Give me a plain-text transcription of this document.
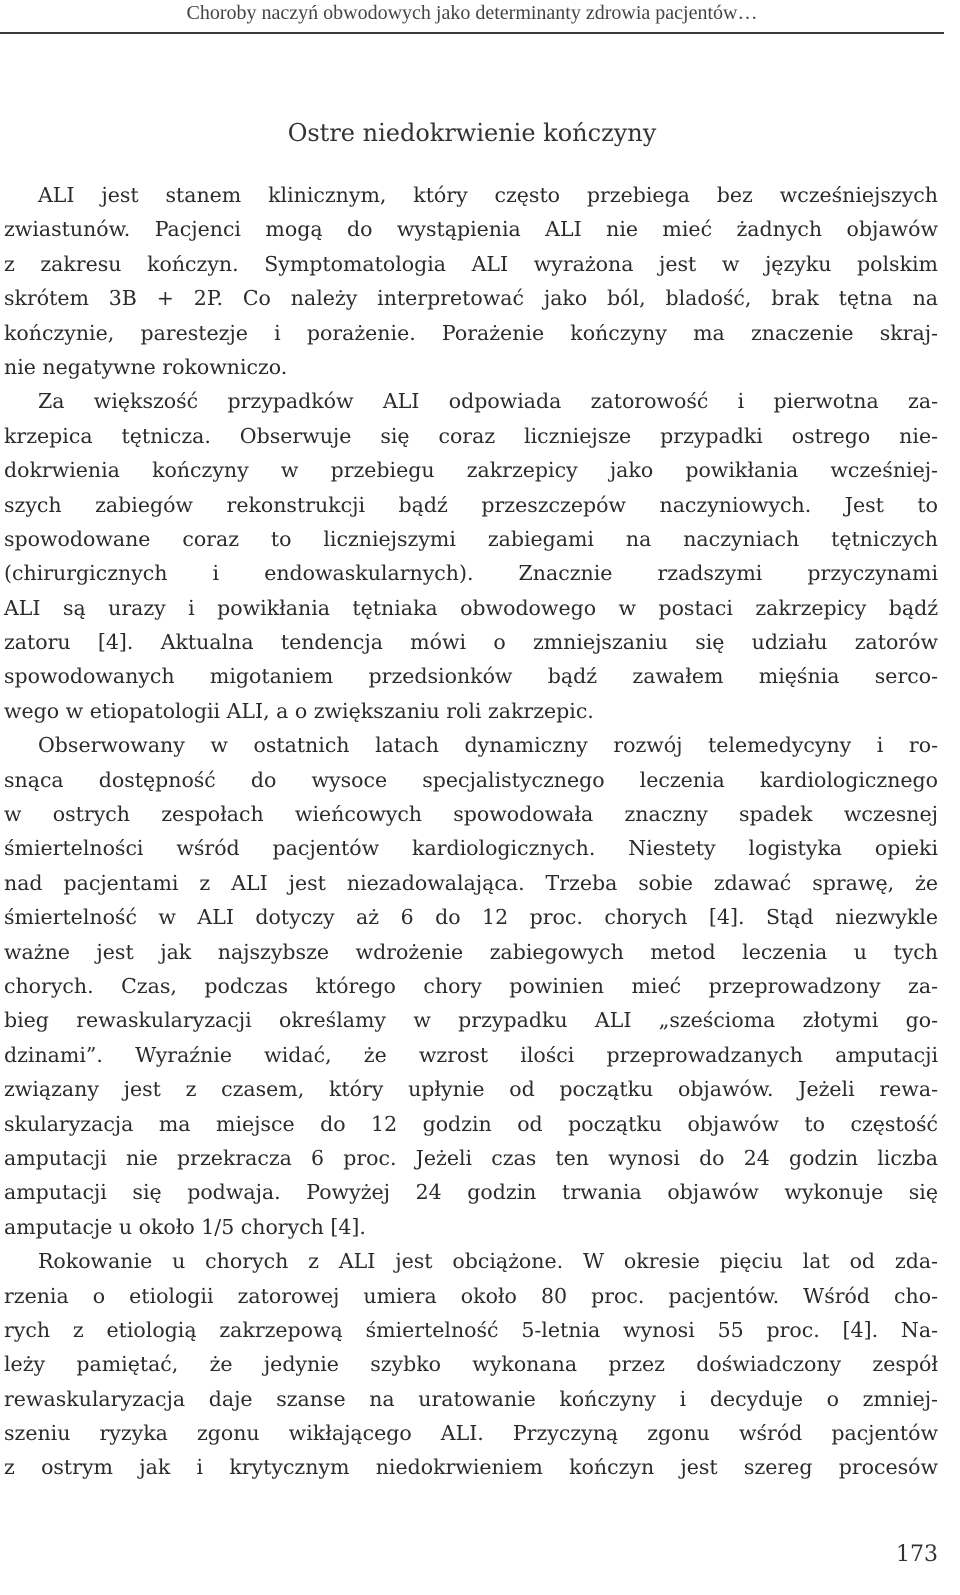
Choroby naczyń obwodowych jako determinanty zdrowia pacjentów…
Ostre niedokrwienie kończyny
ALI jest stanem klinicznym, który często przebiega bez wcześniejszych
zwiastunów. Pacjenci mogą do wystąpienia ALI nie mieć żadnych objawów
z zakresu kończyn. Symptomatologia ALI wyrażona jest w języku polskim
skrótem 3B + 2P. Co należy interpretować jako ból, bladość, brak tętna na
kończynie, parestezje i porażenie. Porażenie kończyny ma znaczenie skraj-
nie negatywne rokowniczo.
Za większość przypadków ALI odpowiada zatorowość i pierwotna za-
krzepica tętnicza. Obserwuje się coraz liczniejsze przypadki ostrego nie-
dokrwienia kończyny w przebiegu zakrzepicy jako powikłania wcześniej-
szych zabiegów rekonstrukcji bądź przeszczepów naczyniowych. Jest to
spowodowane coraz to liczniejszymi zabiegami na naczyniach tętniczych
(chirurgicznych i endowaskularnych). Znacznie rzadszymi przyczynami
ALI są urazy i powikłania tętniaka obwodowego w postaci zakrzepicy bądź
zatoru [4]. Aktualna tendencja mówi o zmniejszaniu się udziału zatorów
spowodowanych migotaniem przedsionków bądź zawałem mięśnia serco-
wego w etiopatologii ALI, a o zwiększaniu roli zakrzepic.
Obserwowany w ostatnich latach dynamiczny rozwój telemedycyny i ro-
snąca dostępność do wysoce specjalistycznego leczenia kardiologicznego
w ostrych zespołach wieńcowych spowodowała znaczny spadek wczesnej
śmiertelności wśród pacjentów kardiologicznych. Niestety logistyka opieki
nad pacjentami z ALI jest niezadowalająca. Trzeba sobie zdawać sprawę, że
śmiertelność w ALI dotyczy aż 6 do 12 proc. chorych [4]. Stąd niezwykle
ważne jest jak najszybsze wdrożenie zabiegowych metod leczenia u tych
chorych. Czas, podczas którego chory powinien mieć przeprowadzony za-
bieg rewaskularyzacji określamy w przypadku ALI „sześcioma złotymi go-
dzinami”. Wyraźnie widać, że wzrost ilości przeprowadzanych amputacji
związany jest z czasem, który upłynie od początku objawów. Jeżeli rewa-
skularyzacja ma miejsce do 12 godzin od początku objawów to częstość
amputacji nie przekracza 6 proc. Jeżeli czas ten wynosi do 24 godzin liczba
amputacji się podwaja. Powyżej 24 godzin trwania objawów wykonuje się
amputacje u około 1/5 chorych [4].
Rokowanie u chorych z ALI jest obciążone. W okresie pięciu lat od zda-
rzenia o etiologii zatorowej umiera około 80 proc. pacjentów. Wśród cho-
rych z etiologią zakrzepową śmiertelność 5-letnia wynosi 55 proc. [4]. Na-
leży pamiętać, że jedynie szybko wykonana przez doświadczony zespół
rewaskularyzacja daje szanse na uratowanie kończyny i decyduje o zmniej-
szeniu ryzyka zgonu wikłającego ALI. Przyczyną zgonu wśród pacjentów
z ostrym jak i krytycznym niedokrwieniem kończyn jest szereg procesów
173
